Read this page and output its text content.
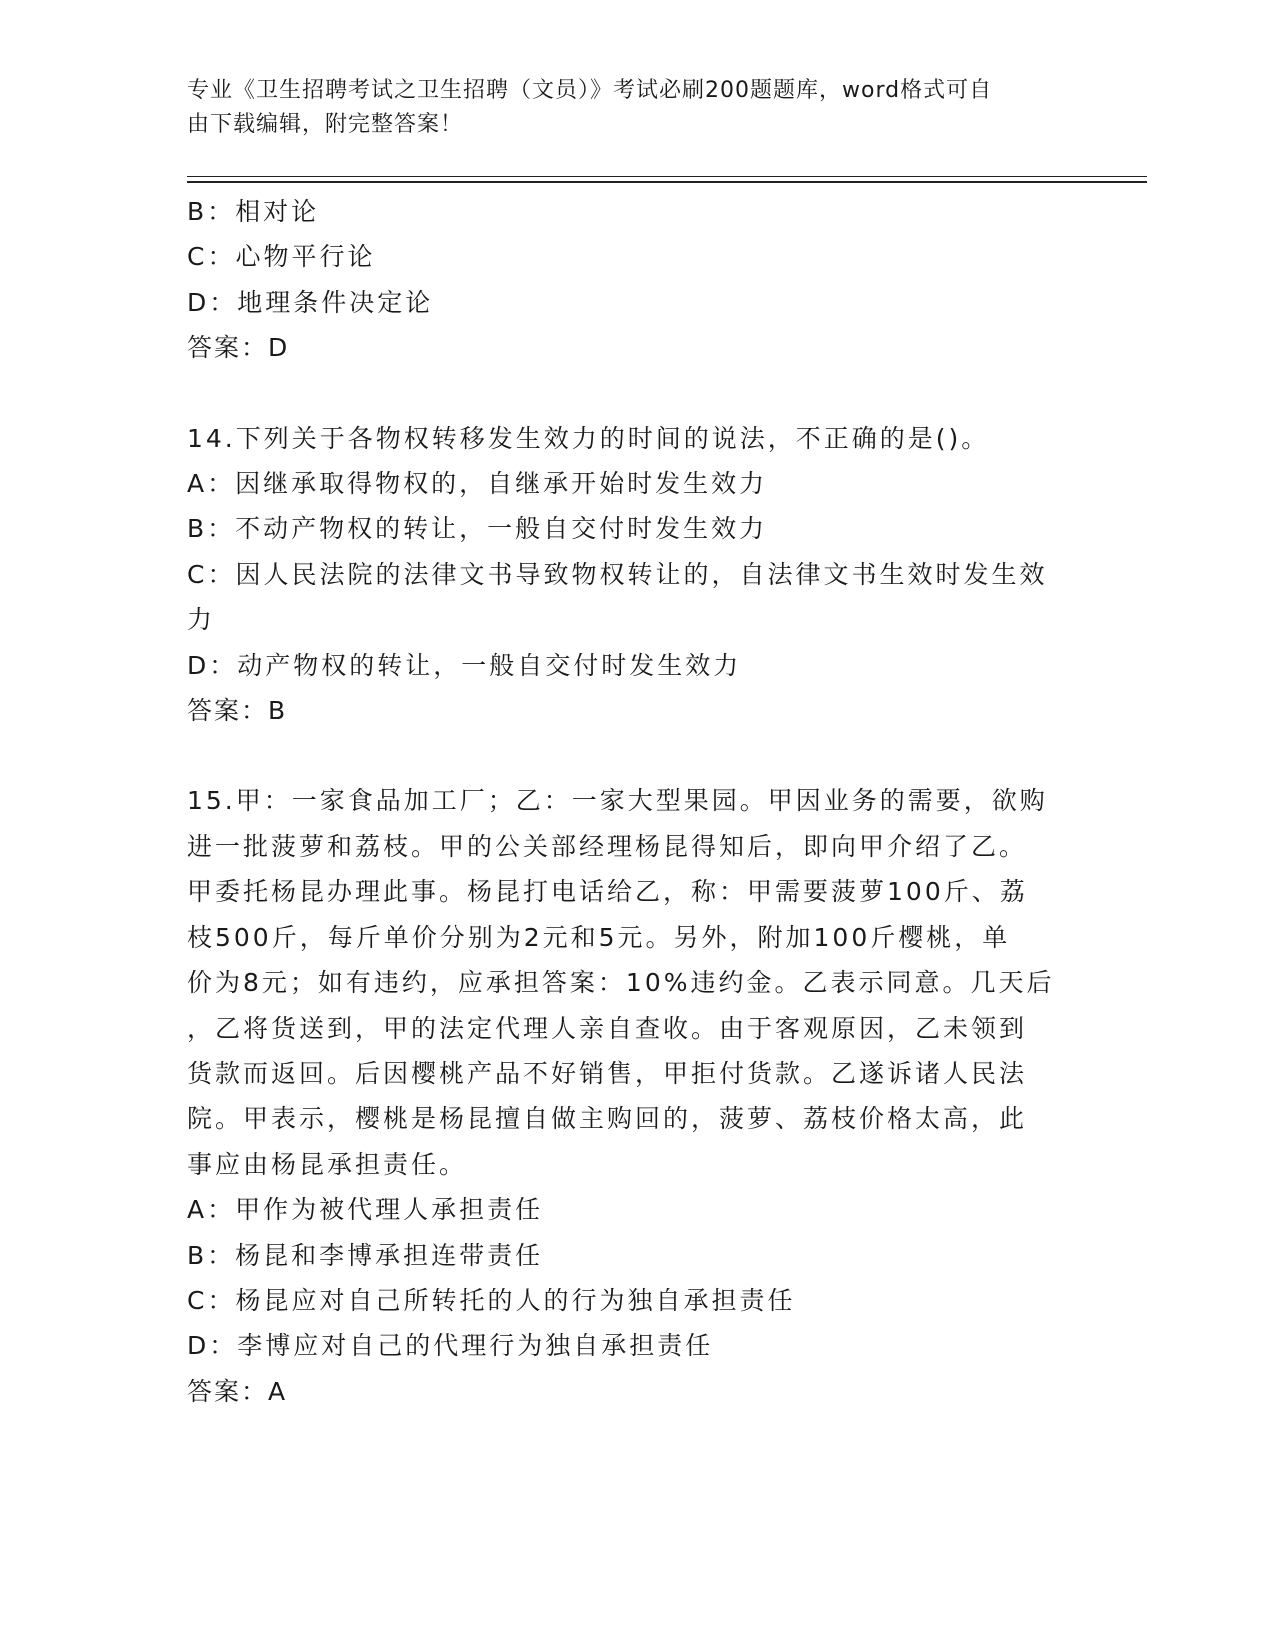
专业《卫生招聘考试之卫生招聘（文员）》考试必刷200题题库，word格式可自
由下载编辑，附完整答案！
B：相对论
C：心物平行论
D：地理条件决定论
答案：D
14.下列关于各物权转移发生效力的时间的说法，不正确的是()。
A：因继承取得物权的，自继承开始时发生效力
B：不动产物权的转让，一般自交付时发生效力
C：因人民法院的法律文书导致物权转让的，自法律文书生效时发生效
力
D：动产物权的转让，一般自交付时发生效力
答案：B
15.甲：一家食品加工厂；乙：一家大型果园。甲因业务的需要，欲购
进一批菠萝和荔枝。甲的公关部经理杨昆得知后，即向甲介绍了乙。
甲委托杨昆办理此事。杨昆打电话给乙，称：甲需要菠萝100斤、荔
枝500斤，每斤单价分别为2元和5元。另外，附加100斤樱桃，单
价为8元；如有违约，应承担答案：10%违约金。乙表示同意。几天后
，乙将货送到，甲的法定代理人亲自查收。由于客观原因，乙未领到
货款而返回。后因樱桃产品不好销售，甲拒付货款。乙遂诉诸人民法
院。甲表示，樱桃是杨昆擅自做主购回的，菠萝、荔枝价格太高，此
事应由杨昆承担责任。
A：甲作为被代理人承担责任
B：杨昆和李博承担连带责任
C：杨昆应对自己所转托的人的行为独自承担责任
D：李博应对自己的代理行为独自承担责任
答案：A
